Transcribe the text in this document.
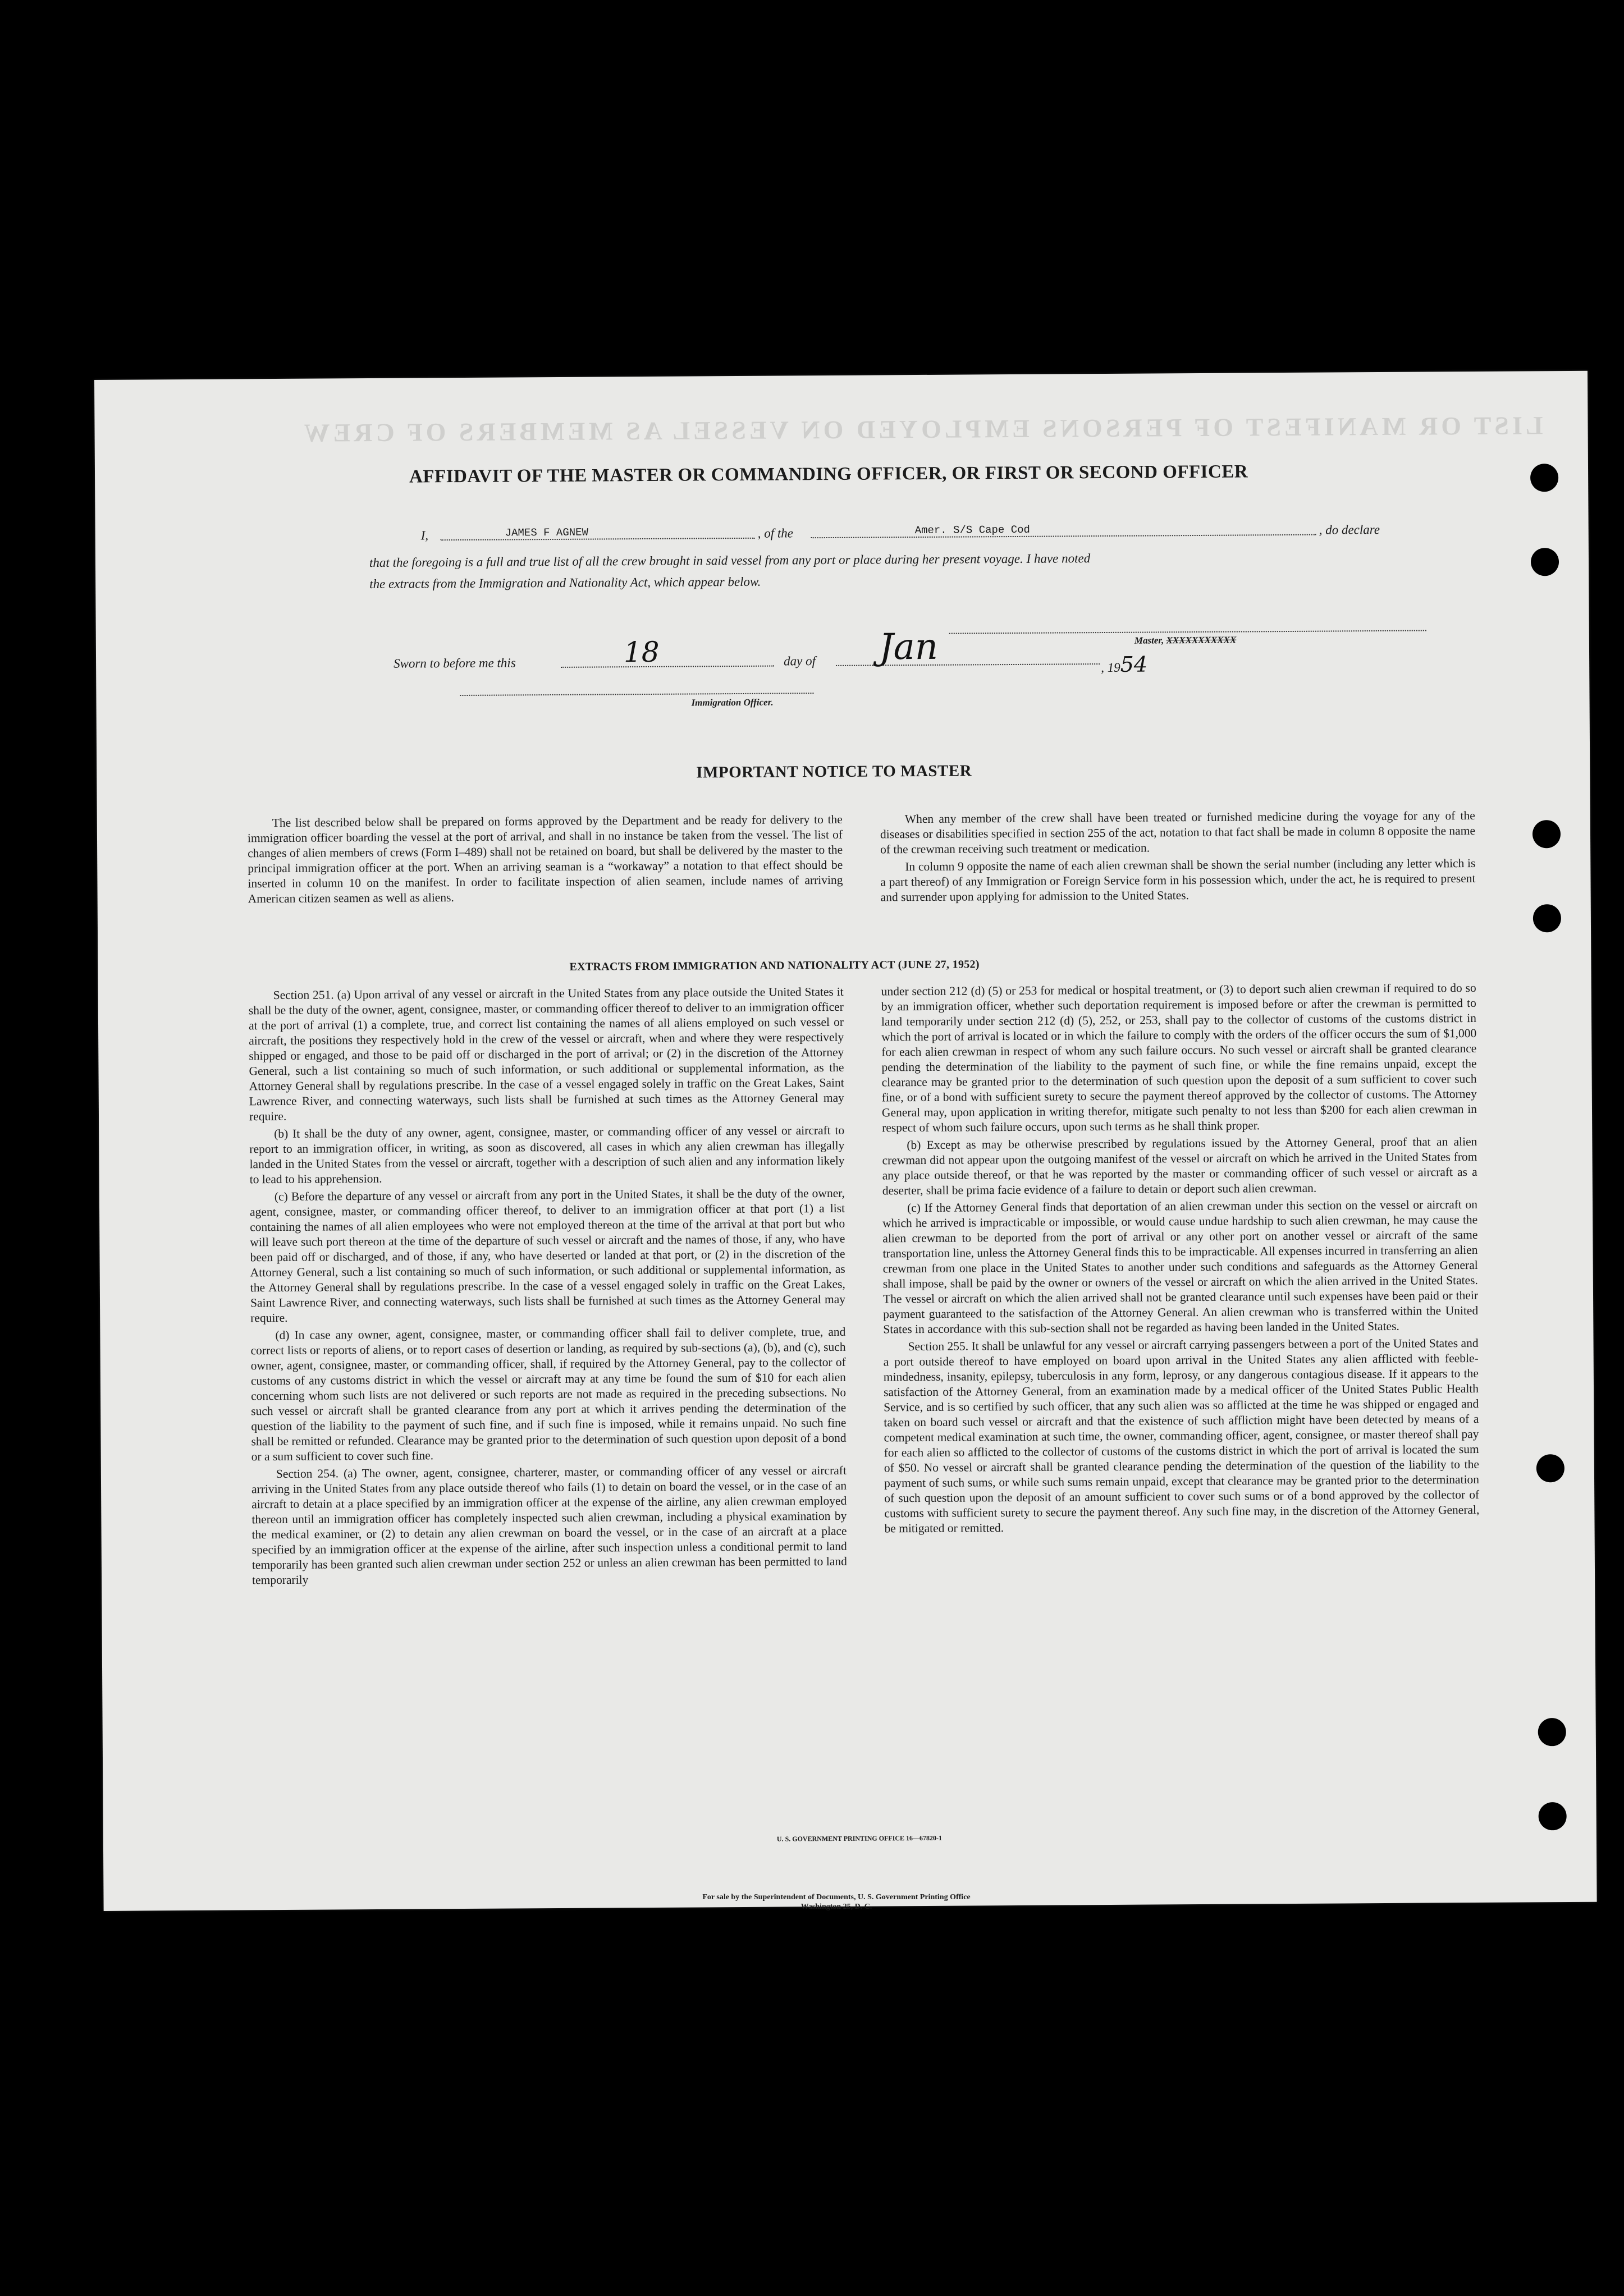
LIST OR MANIFEST OF PERSONS EMPLOYED ON VESSEL AS MEMBERS OF CREW
AFFIDAVIT OF THE MASTER OR COMMANDING OFFICER, OR FIRST OR SECOND OFFICER
I,	JAMES F AGNEW	, of the	Amer. S/S Cape Cod	, do declare
that the foregoing is a full and true list of all the crew brought in said vessel from any port or place during her present voyage. I have noted
the extracts from the Immigration and Nationality Act, which appear below.
Master, XXXXXXXXXXX
Sworn to before me this	18	day of Jan	, 1954
Immigration Officer.
IMPORTANT NOTICE TO MASTER

The list described below shall be prepared on forms approved by the Department and be ready for delivery to the immigration officer boarding the vessel at the port of arrival, and shall in no instance be taken from the vessel. The list of changes of alien members of crews (Form I–489) shall not be retained on board, but shall be delivered by the master to the principal immigration officer at the port. When an arriving seaman is a “workaway” a notation to that effect should be inserted in column 10 on the manifest. In order to facilitate inspection of alien seamen, include names of arriving American citizen seamen as well as aliens.

When any member of the crew shall have been treated or furnished medicine during the voyage for any of the diseases or disabilities specified in section 255 of the act, notation to that fact shall be made in column 8 opposite the name of the crewman receiving such treatment or medication.

In column 9 opposite the name of each alien crewman shall be shown the serial number (including any letter which is a part thereof) of any Immigration or Foreign Service form in his possession which, under the act, he is required to present and surrender upon applying for admission to the United States.

EXTRACTS FROM IMMIGRATION AND NATIONALITY ACT (JUNE 27, 1952)

Section 251. (a) Upon arrival of any vessel or aircraft in the United States from any place outside the United States it shall be the duty of the owner, agent, consignee, master, or commanding officer thereof to deliver to an immigration officer at the port of arrival (1) a complete, true, and correct list containing the names of all aliens employed on such vessel or aircraft, the positions they respectively hold in the crew of the vessel or aircraft, when and where they were respectively shipped or engaged, and those to be paid off or discharged in the port of arrival; or (2) in the discretion of the Attorney General, such a list containing so much of such information, or such additional or supplemental information, as the Attorney General shall by regulations prescribe. In the case of a vessel engaged solely in traffic on the Great Lakes, Saint Lawrence River, and connecting waterways, such lists shall be furnished at such times as the Attorney General may require.

(b) It shall be the duty of any owner, agent, consignee, master, or commanding officer of any vessel or aircraft to report to an immigration officer, in writing, as soon as discovered, all cases in which any alien crewman has illegally landed in the United States from the vessel or aircraft, together with a description of such alien and any information likely to lead to his apprehension.

(c) Before the departure of any vessel or aircraft from any port in the United States, it shall be the duty of the owner, agent, consignee, master, or commanding officer thereof, to deliver to an immigration officer at that port (1) a list containing the names of all alien employees who were not employed thereon at the time of the arrival at that port but who will leave such port thereon at the time of the departure of such vessel or aircraft and the names of those, if any, who have been paid off or discharged, and of those, if any, who have deserted or landed at that port, or (2) in the discretion of the Attorney General, such a list containing so much of such information, or such additional or supplemental information, as the Attorney General shall by regulations prescribe. In the case of a vessel engaged solely in traffic on the Great Lakes, Saint Lawrence River, and connecting waterways, such lists shall be furnished at such times as the Attorney General may require.

(d) In case any owner, agent, consignee, master, or commanding officer shall fail to deliver complete, true, and correct lists or reports of aliens, or to report cases of desertion or landing, as required by sub-sections (a), (b), and (c), such owner, agent, consignee, master, or commanding officer, shall, if required by the Attorney General, pay to the collector of customs of any customs district in which the vessel or aircraft may at any time be found the sum of $10 for each alien concerning whom such lists are not delivered or such reports are not made as required in the preceding subsections. No such vessel or aircraft shall be granted clearance from any port at which it arrives pending the determination of the question of the liability to the payment of such fine, and if such fine is imposed, while it remains unpaid. No such fine shall be remitted or refunded. Clearance may be granted prior to the determination of such question upon deposit of a bond or a sum sufficient to cover such fine.

Section 254. (a) The owner, agent, consignee, charterer, master, or commanding officer of any vessel or aircraft arriving in the United States from any place outside thereof who fails (1) to detain on board the vessel, or in the case of an aircraft to detain at a place specified by an immigration officer at the expense of the airline, any alien crewman employed thereon until an immigration officer has completely inspected such alien crewman, including a physical examination by the medical examiner, or (2) to detain any alien crewman on board the vessel, or in the case of an aircraft at a place specified by an immigration officer at the expense of the airline, after such inspection unless a conditional permit to land temporarily has been granted such alien crewman under section 252 or unless an alien crewman has been permitted to land temporarily

under section 212 (d) (5) or 253 for medical or hospital treatment, or (3) to deport such alien crewman if required to do so by an immigration officer, whether such deportation requirement is imposed before or after the crewman is permitted to land temporarily under section 212 (d) (5), 252, or 253, shall pay to the collector of customs of the customs district in which the port of arrival is located or in which the failure to comply with the orders of the officer occurs the sum of $1,000 for each alien crewman in respect of whom any such failure occurs. No such vessel or aircraft shall be granted clearance pending the determination of the liability to the payment of such fine, or while the fine remains unpaid, except the clearance may be granted prior to the determination of such question upon the deposit of a sum sufficient to cover such fine, or of a bond with sufficient surety to secure the payment thereof approved by the collector of customs. The Attorney General may, upon application in writing therefor, mitigate such penalty to not less than $200 for each alien crewman in respect of whom such failure occurs, upon such terms as he shall think proper.

(b) Except as may be otherwise prescribed by regulations issued by the Attorney General, proof that an alien crewman did not appear upon the outgoing manifest of the vessel or aircraft on which he arrived in the United States from any place outside thereof, or that he was reported by the master or commanding officer of such vessel or aircraft as a deserter, shall be prima facie evidence of a failure to detain or deport such alien crewman.

(c) If the Attorney General finds that deportation of an alien crewman under this section on the vessel or aircraft on which he arrived is impracticable or impossible, or would cause undue hardship to such alien crewman, he may cause the alien crewman to be deported from the port of arrival or any other port on another vessel or aircraft of the same transportation line, unless the Attorney General finds this to be impracticable. All expenses incurred in transferring an alien crewman from one place in the United States to another under such conditions and safeguards as the Attorney General shall impose, shall be paid by the owner or owners of the vessel or aircraft on which the alien arrived in the United States. The vessel or aircraft on which the alien arrived shall not be granted clearance until such expenses have been paid or their payment guaranteed to the satisfaction of the Attorney General. An alien crewman who is transferred within the United States in accordance with this sub-section shall not be regarded as having been landed in the United States.

Section 255. It shall be unlawful for any vessel or aircraft carrying passengers between a port of the United States and a port outside thereof to have employed on board upon arrival in the United States any alien afflicted with feeble-mindedness, insanity, epilepsy, tuberculosis in any form, leprosy, or any dangerous contagious disease. If it appears to the satisfaction of the Attorney General, from an examination made by a medical officer of the United States Public Health Service, and is so certified by such officer, that any such alien was so afflicted at the time he was shipped or engaged and taken on board such vessel or aircraft and that the existence of such affliction might have been detected by means of a competent medical examination at such time, the owner, commanding officer, agent, consignee, or master thereof shall pay for each alien so afflicted to the collector of customs of the customs district in which the port of arrival is located the sum of $50. No vessel or aircraft shall be granted clearance pending the determination of the question of the liability to the payment of such sums, or while such sums remain unpaid, except that clearance may be granted prior to the determination of such question upon the deposit of an amount sufficient to cover such sums or of a bond approved by the collector of customs with sufficient surety to secure the payment thereof. Any such fine may, in the discretion of the Attorney General, be mitigated or remitted.

U. S. GOVERNMENT PRINTING OFFICE 16—67820-1
For sale by the Superintendent of Documents, U. S. Government Printing Office
Washington 25, D. C.
